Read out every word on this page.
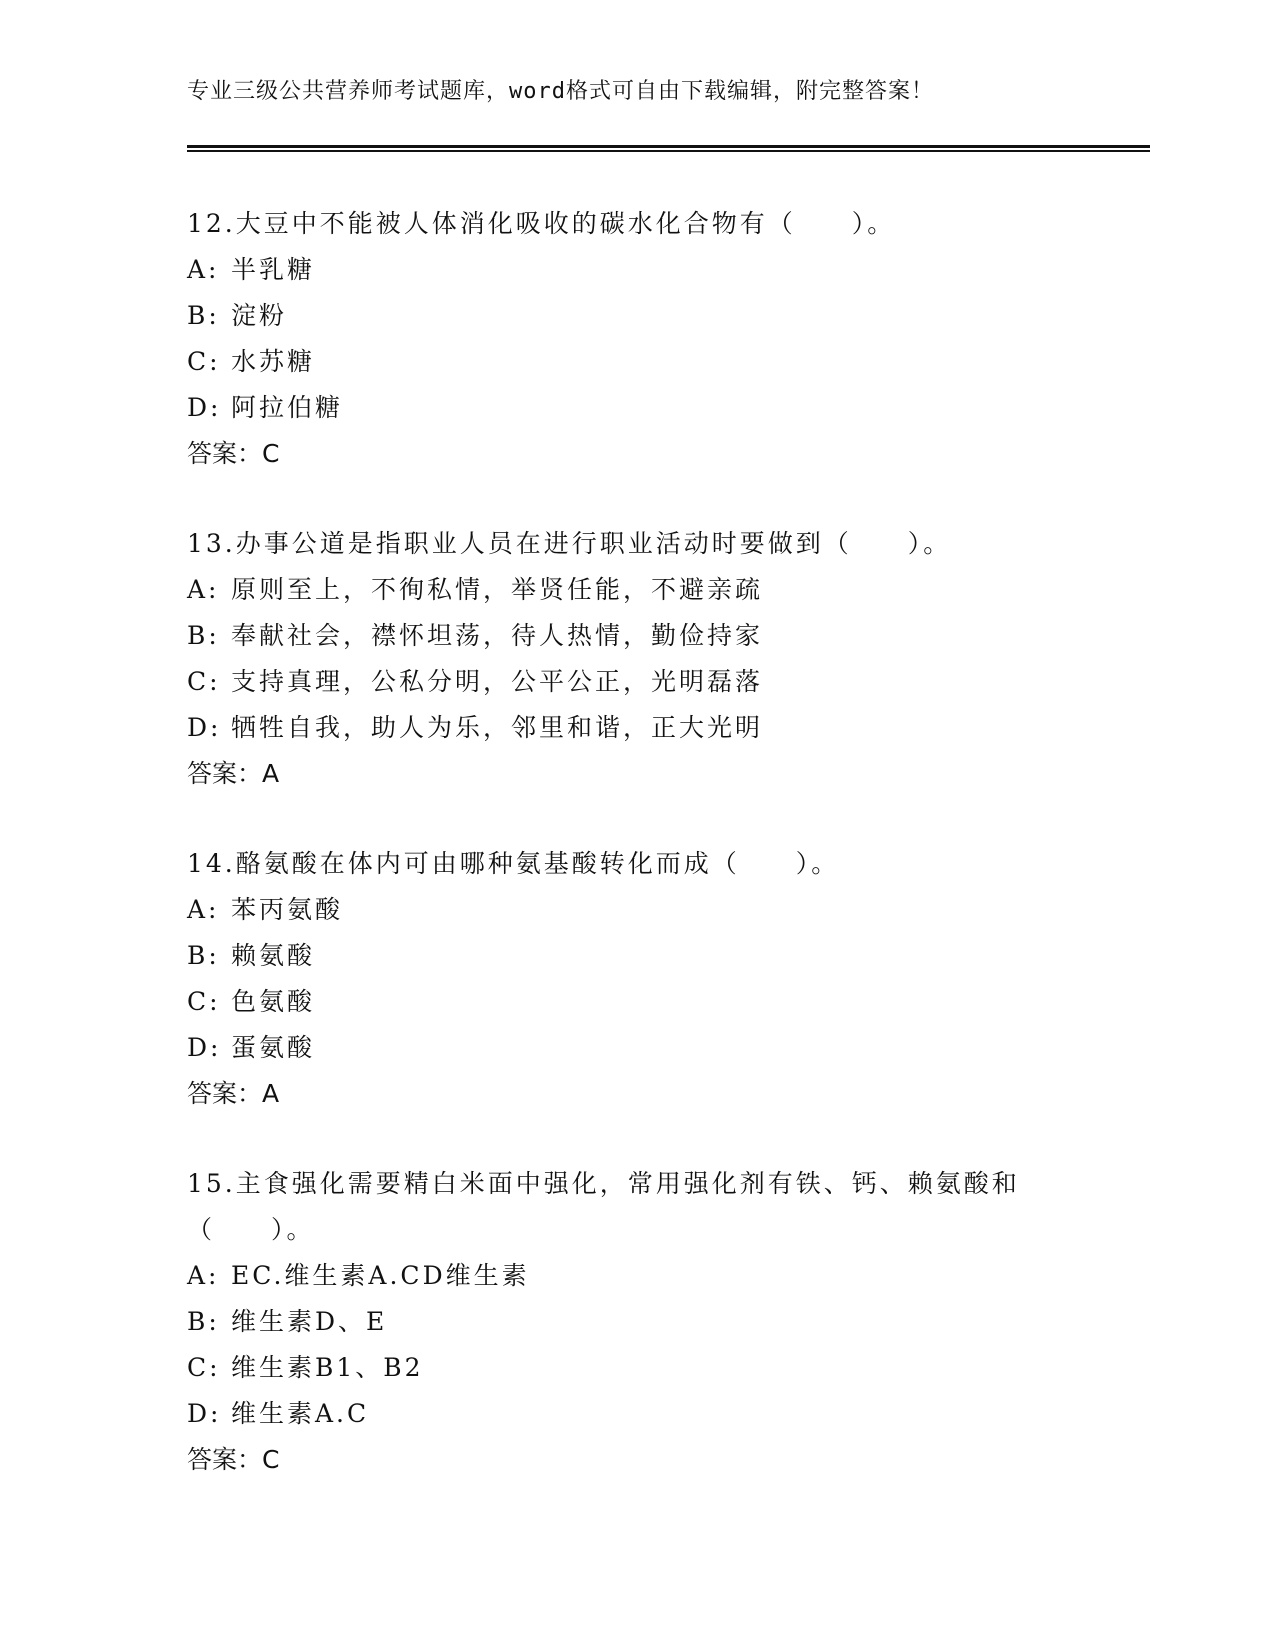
专业三级公共营养师考试题库，word格式可自由下载编辑，附完整答案！

12.大豆中不能被人体消化吸收的碳水化合物有（　　）。

A: 半乳糖

B: 淀粉

C: 水苏糖

D: 阿拉伯糖

答案：C

13.办事公道是指职业人员在进行职业活动时要做到（　　）。

A: 原则至上，不徇私情，举贤任能，不避亲疏

B: 奉献社会，襟怀坦荡，待人热情，勤俭持家

C: 支持真理，公私分明，公平公正，光明磊落

D: 牺牲自我，助人为乐，邻里和谐，正大光明

答案：A

14.酪氨酸在体内可由哪种氨基酸转化而成（　　）。

A: 苯丙氨酸

B: 赖氨酸

C: 色氨酸

D: 蛋氨酸

答案：A

15.主食强化需要精白米面中强化，常用强化剂有铁、钙、赖氨酸和（　　）。

A: EC.维生素A.CD维生素

B: 维生素D、E

C: 维生素B1、B2

D: 维生素A.C

答案：C
